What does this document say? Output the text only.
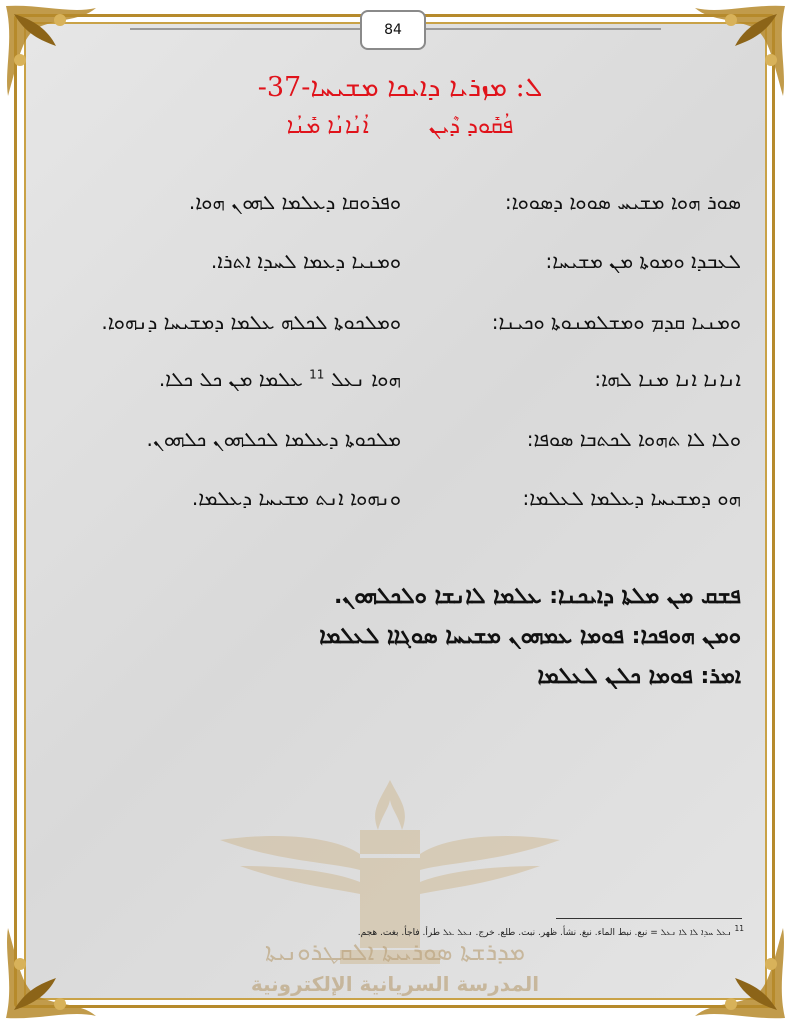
84
ܠ: ܡܙܪܝܐ ܕܐܝܟܐ ܡܫܝܚܐ-37-
ܦܳܩܺܘܕ ܕܶܝܢ
ܐܳܢܳܐܢܳܐ ܡܺܢܳܐ
ܣܘܪ ܗܘܐ ܡܫܝܚ ܣܘܘܐ ܕܣܘܘܐ:
ܘܦܪܘܩܐ ܕܥܠܡܐ ܠܗܘܢ ܗܘܐ.
ܠܥܒܕܐ ܘܡܘܬܐ ܡܢ ܡܫܝܚܐ:
ܘܡܢܝܐ ܕܥܡܐ ܠܚܕܐ ܐܬܪܐ.
ܘܡܢܝܐ ܩܕܡ ܘܡܫܠܡܢܘܬܐ ܘܟܝܢܐ:
ܘܡܠܟܘܬܐ ܠܟܠܗ ܥܠܡܐ ܕܡܫܝܚܐ ܕܢܗܘܐ.
ܐܢܐܢܐ ܐܢܐ ܡܢܐ ܠܗܐ:
ܗܘܐ ܢܥܠ $^{11}$ ܥܠܡܐ ܡܢ ܟܠ ܟܠܐ.
ܘܠܐ ܠܐ ܬܗܘܐ ܠܟܬܒܐ ܣܘܦܐ:
ܡܠܟܘܬܐ ܕܥܠܡܐ ܠܟܠܗܘܢ ܟܠܗܘܢ.
ܗܘ ܕܡܫܝܚܐ ܕܥܠܡܐ ܠܥܠܡܐ:
ܘܢܗܘܐ ܐܢܬ ܡܫܝܚܐ ܕܥܠܡܐ.
ܦܫܩ ܡܢ ܡܠܬܐ ܕܐܝܟܢܐ: ܥܠܡܐ ܠܐܢܫܐ ܘܠܟܠܗܘܢ.
ܘܡܢ ܗܘܦܟܐ: ܦܘܡܐ ܥܡܗܘܢ ܡܫܝܚܐ ܣܘܓܐܐ ܠܥܠܡܐ
ܐܡܪ: ܦܘܡܐ ܟܠܢ ܠܥܠܡܐ
ܡܕܪܫܬܐ ܣܘܪܝܝܬܐ ܐܠܩܛܪܘܢܝܬܐ
المدرسة السريانية الإلكترونية
$^{11}$ ܢܥܠ ܚܕܐ ܠܐ ܠܐ ܢܥܠ = نبع. نبط الماء. نبغ. نشأ. ظهر. نبت. طلع. خرج. ܢܥܠ ܥܠ طرأ. فاجأ. بغت. هجم.
